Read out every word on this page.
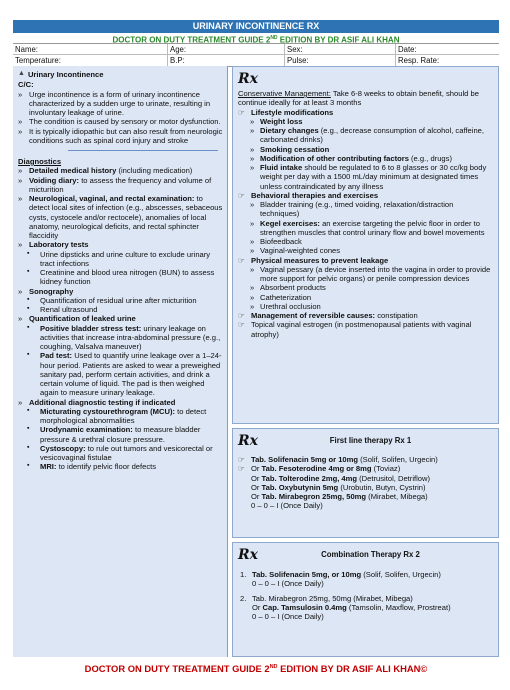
URINARY INCONTINENCE RX
DOCTOR ON DUTY TREATMENT GUIDE 2ND EDITION BY DR ASIF ALI KHAN
Name:	Age:	Sex:	Date:
Temperature:	B.P:	Pulse:	Resp. Rate:
▲ Urinary Incontinence
C/C:
» Urge incontinence is a form of urinary incontinence characterized by a sudden urge to urinate, resulting in involuntary leakage of urine.
» The condition is caused by sensory or motor dysfunction.
» It is typically idiopathic but can also result from neurologic conditions such as spinal cord injury and stroke
Diagnostics
» Detailed medical history (including medication)
» Voiding diary: to assess the frequency and volume of micturition
» Neurological, vaginal, and rectal examination: to detect local sites of infection (e.g., abscesses, sebaceous cysts, cystocele and/or rectocele), anomalies of local anatomy, neurological deficits, and rectal sphincter flaccidity
» Laboratory tests
▪ Urine dipsticks and urine culture to exclude urinary tract infections
▪ Creatinine and blood urea nitrogen (BUN) to assess kidney function
» Sonography
▪ Quantification of residual urine after micturition
▪ Renal ultrasound
» Quantification of leaked urine
▪ Positive bladder stress test: urinary leakage on activities that increase intra-abdominal pressure (e.g., coughing, Valsalva maneuver)
▪ Pad test: Used to quantify urine leakage over a 1–24-hour period. Patients are asked to wear a preweighed sanitary pad, perform certain activities, and drink a certain volume of liquid. The pad is then weighed again to measure urinary leakage.
» Additional diagnostic testing if indicated
▪ Micturating cystourethrogram (MCU): to detect morphological abnormalities
▪ Urodynamic examination: to measure bladder pressure & urethral closure pressure.
▪ Cystoscopy: to rule out tumors and vesicorectal or vesicovaginal fistulae
▪ MRI: to identify pelvic floor defects
Rx
Conservative Management: Take 6-8 weeks to obtain benefit, should be continue ideally for at least 3 months
☞ Lifestyle modifications
» Weight loss
» Dietary changes (e.g., decrease consumption of alcohol, caffeine, carbonated drinks)
» Smoking cessation
» Modification of other contributing factors (e.g., drugs)
» Fluid intake should be regulated to 6 to 8 glasses or 30 cc/kg body weight per day with a 1500 mL/day minimum at designated times unless contraindicated by any illness
☞ Behavioral therapies and exercises
» Bladder training (e.g., timed voiding, relaxation/distraction techniques)
» Kegel exercises: an exercise targeting the pelvic floor in order to strengthen muscles that control urinary flow and bowel movements
» Biofeedback
» Vaginal-weighted cones
☞ Physical measures to prevent leakage
» Vaginal pessary (a device inserted into the vagina in order to provide more support for pelvic organs) or penile compression devices
» Absorbent products
» Catheterization
» Urethral occlusion
☞ Management of reversible causes: constipation
☞ Topical vaginal estrogen (in postmenopausal patients with vaginal atrophy)
Rx	First line therapy Rx 1
☞ Tab. Solifenacin 5mg or 10mg (Solif, Solifen, Urgecin)
☞ Or Tab. Fesoterodine 4mg or 8mg (Toviaz)
Or Tab. Tolterodine 2mg, 4mg (Detrusitol, Detriflow)
Or Tab. Oxybutynin 5mg (Urobutin, Butyn, Cystrin)
Or Tab. Mirabegron 25mg, 50mg (Mirabet, Mibega)
0 – 0 – I (Once Daily)
Rx	Combination Therapy Rx 2
1. Tab. Solifenacin 5mg, or 10mg (Solif, Solifen, Urgecin)
0 – 0 – I (Once Daily)
2. Tab. Mirabegron 25mg, 50mg (Mirabet, Mibega)
Or Cap. Tamsulosin 0.4mg (Tamsolin, Maxflow, Prostreat)
0 – 0 – I (Once Daily)
DOCTOR ON DUTY TREATMENT GUIDE 2ND EDITION BY DR ASIF ALI KHAN©
